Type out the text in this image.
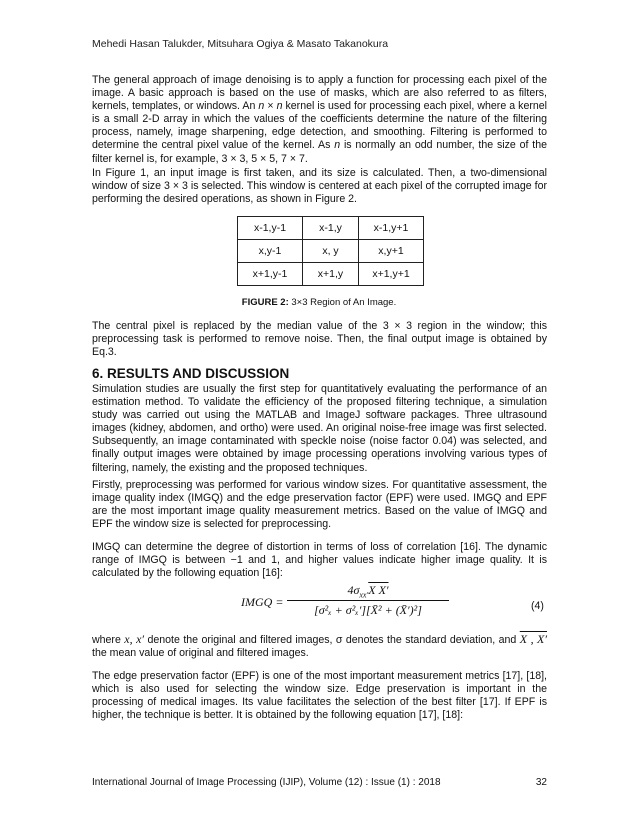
Mehedi Hasan Talukder, Mitsuhara Ogiya & Masato Takanokura

The general approach of image denoising is to apply a function for processing each pixel of the image. A basic approach is based on the use of masks, which are also referred to as filters, kernels, templates, or windows. An n × n kernel is used for processing each pixel, where a kernel is a small 2-D array in which the values of the coefficients determine the nature of the filtering process, namely, image sharpening, edge detection, and smoothing. Filtering is performed to determine the central pixel value of the kernel. As n is normally an odd number, the size of the filter kernel is, for example, 3 × 3, 5 × 5, 7 × 7.

In Figure 1, an input image is first taken, and its size is calculated. Then, a two-dimensional window of size 3 × 3 is selected. This window is centered at each pixel of the corrupted image for performing the desired operations, as shown in Figure 2.

x-1,y-1	x-1,y	x-1,y+1
x,y-1	x, y	x,y+1
x+1,y-1	x+1,y	x+1,y+1
FIGURE 2: 3×3 Region of An Image.

The central pixel is replaced by the median value of the 3 × 3 region in the window; this preprocessing task is performed to remove noise. Then, the final output image is obtained by Eq.3.

6. RESULTS AND DISCUSSION

Simulation studies are usually the first step for quantitatively evaluating the performance of an estimation method. To validate the efficiency of the proposed filtering technique, a simulation study was carried out using the MATLAB and ImageJ software packages. Three ultrasound images (kidney, abdomen, and ortho) were used. An original noise-free image was first selected. Subsequently, an image contaminated with speckle noise (noise factor 0.04) was selected, and finally output images were obtained by image processing operations involving various types of filtering, namely, the existing and the proposed techniques.

Firstly, preprocessing was performed for various window sizes. For quantitative assessment, the image quality index (IMGQ) and the edge preservation factor (EPF) were used. IMGQ and EPF are the most important image quality measurement metrics. Based on the value of IMGQ and EPF the window size is selected for preprocessing.

IMGQ can determine the degree of distortion in terms of loss of correlation [16]. The dynamic range of IMGQ is between −1 and 1, and higher values indicate higher image quality. It is calculated by the following equation [16]:

IMGQ =
$4\sigma_{xx'}X$ X′
[σ²ₓ + σ²ₓ′][X̄² + (X̄′)²]	(4)

where x, x′ denote the original and filtered images, σ denotes the standard deviation, and X , X′ the mean value of original and filtered images.

The edge preservation factor (EPF) is one of the most important measurement metrics [17], [18], which is also used for selecting the window size. Edge preservation is important in the processing of medical images. Its value facilitates the selection of the best filter [17]. If EPF is higher, the technique is better. It is obtained by the following equation [17], [18]:

International Journal of Image Processing (IJIP), Volume (12) : Issue (1) : 2018	32
